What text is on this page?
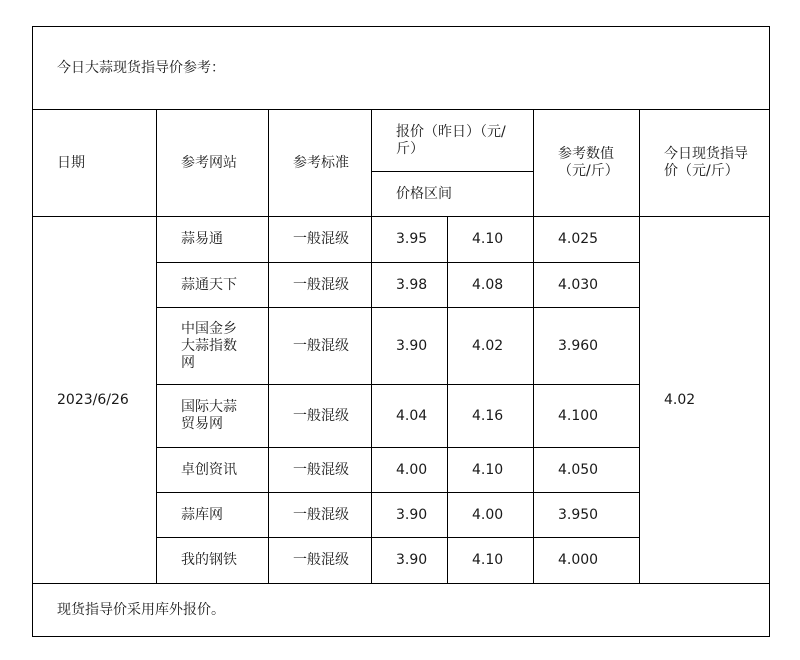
今日大蒜现货指导价参考：						
日期	参考网站	参考标准	报价（昨日）（元/斤）		参考数值（元/斤）	今日现货指导价（元/斤）

			价格区间			
2023/6/26	蒜易通	一般混级	3.95	4.10	4.025	4.02
	蒜通天下	一般混级	3.98	4.08	4.030	

	中国金乡大蒜指数网	一般混级	3.90	4.02	3.960	

	国际大蒜贸易网	一般混级	4.04	4.16	4.100	
	卓创资讯	一般混级	4.00	4.10	4.050	
	蒜库网	一般混级	3.90	4.00	3.950	
	我的钢铁	一般混级	3.90	4.10	4.000	
现货指导价采用库外报价。						
